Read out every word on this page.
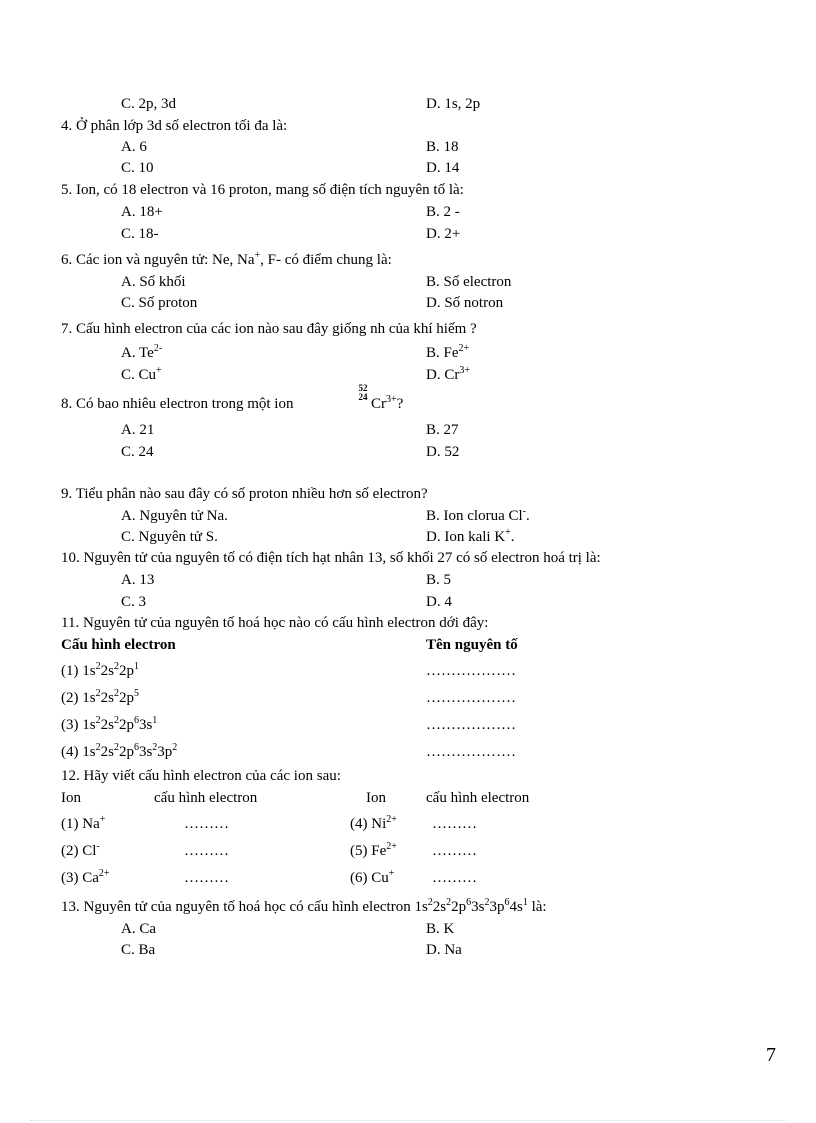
C. 2p, 3d	D. 1s, 2p
4. Ở phân lớp 3d số electron tối đa là:
A. 6	B. 18
C. 10	D. 14
5. Ion, có 18 electron và 16 proton, mang số điện tích nguyên tố là:
A. 18+	B. 2 -
C. 18-	D. 2+
6. Các ion và nguyên tử: Ne, Na+, F- có điểm chung là:
A. Số khối	B. Số electron
C. Số proton	D. Số notron
7. Cấu hình electron của các ion nào sau đây giống nh của khí hiếm ?
A. $Te^{2-}$	B. $Fe^{2+}$
C. Cu+	D. $Cr^{3+}$
8. Có bao nhiêu electron trong một ion
52
24 $Cr^{3+}$?
A. 21	B. 27
C. 24	D. 52
9. Tiểu phân nào sau đây có số proton nhiều hơn số electron?
A. Nguyên tử Na.	B. Ion clorua Cl-.
C. Nguyên tử S.	D. Ion kali K+.
10. Nguyên tử của nguyên tố có điện tích hạt nhân 13, số khối 27 có số electron hoá trị là:
A. 13	B. 5
C. 3	D. 4
11. Nguyên tử của nguyên tố hoá học nào có cấu hình electron dới đây:
Cấu hình electron	Tên nguyên tố
(1) $1s^22s^22p^1$	………………
(2) $1s^22s^22p^5$	………………
(3) $1s^22s^22p^63s^1$	………………
(4) $1s^22s^22p^63s^23p^2$	………………
12. Hãy viết cấu hình electron của các ion sau:
Ion	cấu hình electron	Ion	cấu hình electron
(1) Na+	………	(4) $Ni^{2+}$ ………
(2) Cl-	………	(5) $Fe^{2+}$ ………
(3) $Ca^{2+}$	………	(6) Cu+	………
13. Nguyên tử của nguyên tố hoá học có cấu hình electron $1s^22s^22p^63s^23p^64s^1$ là:
A. Ca	B. K
C. Ba	D. Na
7
